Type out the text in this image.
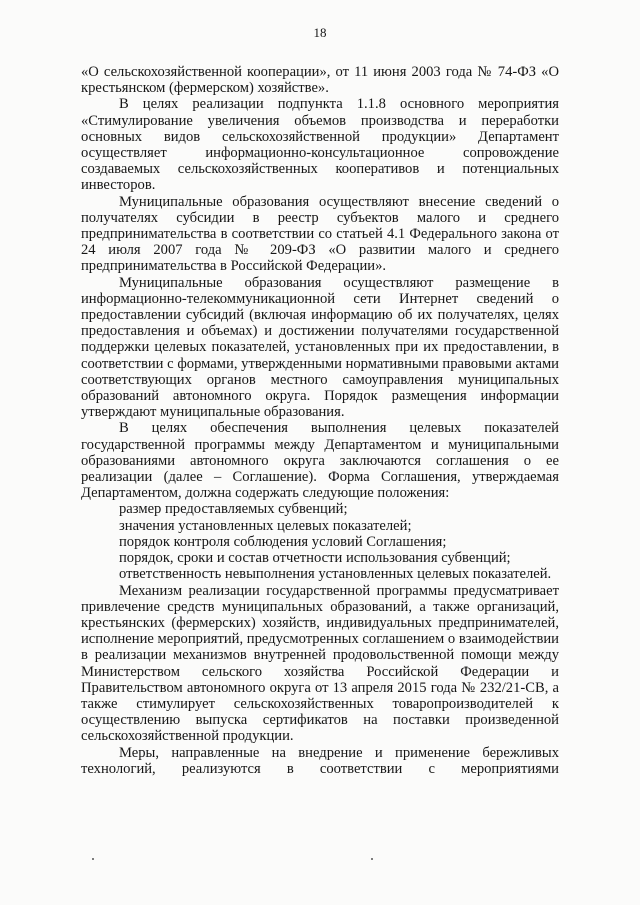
18

«О сельскохозяйственной кооперации», от 11 июня 2003 года № 74-ФЗ «О крестьянском (фермерском) хозяйстве».

В целях реализации подпункта 1.1.8 основного мероприятия «Стимулирование увеличения объемов производства и переработки основных видов сельскохозяйственной продукции» Департамент осуществляет информационно-консультационное сопровождение создаваемых сельскохозяйственных кооперативов и потенциальных инвесторов.

Муниципальные образования осуществляют внесение сведений о получателях субсидии в реестр субъектов малого и среднего предпринимательства в соответствии со статьей 4.1 Федерального закона от 24 июля 2007 года № 209-ФЗ «О развитии малого и среднего предпринимательства в Российской Федерации».

Муниципальные образования осуществляют размещение в информационно-телекоммуникационной сети Интернет сведений о предоставлении субсидий (включая информацию об их получателях, целях предоставления и объемах) и достижении получателями государственной поддержки целевых показателей, установленных при их предоставлении, в соответствии с формами, утвержденными нормативными правовыми актами соответствующих органов местного самоуправления муниципальных образований автономного округа. Порядок размещения информации утверждают муниципальные образования.

В целях обеспечения выполнения целевых показателей государственной программы между Департаментом и муниципальными образованиями автономного округа заключаются соглашения о ее реализации (далее – Соглашение). Форма Соглашения, утверждаемая Департаментом, должна содержать следующие положения:

размер предоставляемых субвенций;

значения установленных целевых показателей;

порядок контроля соблюдения условий Соглашения;

порядок, сроки и состав отчетности использования субвенций;

ответственность невыполнения установленных целевых показателей.

Механизм реализации государственной программы предусматривает привлечение средств муниципальных образований, а также организаций, крестьянских (фермерских) хозяйств, индивидуальных предпринимателей, исполнение мероприятий, предусмотренных соглашением о взаимодействии в реализации механизмов внутренней продовольственной помощи между Министерством сельского хозяйства Российской Федерации и Правительством автономного округа от 13 апреля 2015 года № 232/21-СВ, а также стимулирует сельскохозяйственных товаропроизводителей к осуществлению выпуска сертификатов на поставки произведенной сельскохозяйственной продукции.

Меры, направленные на внедрение и применение бережливых технологий, реализуются в соответствии с мероприятиями
